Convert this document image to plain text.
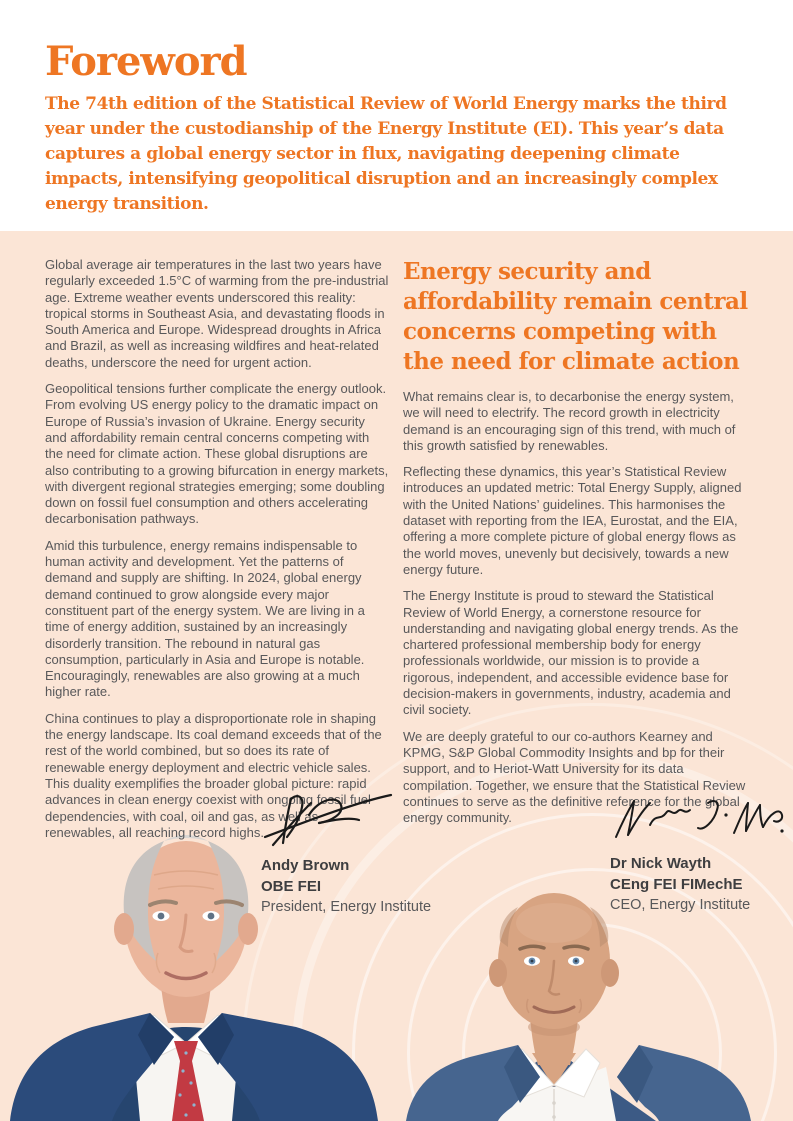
Foreword

The 74th edition of the Statistical Review of World Energy marks the third year under the custodianship of the Energy Institute (EI). This year’s data captures a global energy sector in flux, navigating deepening climate impacts, intensifying geopolitical disruption and an increasingly complex energy transition.

Global average air temperatures in the last two years have regularly exceeded 1.5°C of warming from the pre-industrial age. Extreme weather events underscored this reality: tropical storms in Southeast Asia, and devastating floods in South America and Europe. Widespread droughts in Africa and Brazil, as well as increasing wildfires and heat-related deaths, underscore the need for urgent action.

Geopolitical tensions further complicate the energy outlook. From evolving US energy policy to the dramatic impact on Europe of Russia’s invasion of Ukraine. Energy security and affordability remain central concerns competing with the need for climate action. These global disruptions are also contributing to a growing bifurcation in energy markets, with divergent regional strategies emerging; some doubling down on fossil fuel consumption and others accelerating decarbonisation pathways.

Amid this turbulence, energy remains indispensable to human activity and development. Yet the patterns of demand and supply are shifting. In 2024, global energy demand continued to grow alongside every major constituent part of the energy system. We are living in a time of energy addition, sustained by an increasingly disorderly transition. The rebound in natural gas consumption, particularly in Asia and Europe is notable. Encouragingly, renewables are also growing at a much higher rate.

China continues to play a disproportionate role in shaping the energy landscape. Its coal demand exceeds that of the rest of the world combined, but so does its rate of renewable energy deployment and electric vehicle sales. This duality exemplifies the broader global picture: rapid advances in clean energy coexist with ongoing fossil fuel dependencies, with coal, oil and gas, as well as renewables, all reaching record highs.

Energy security and affordability remain central concerns competing with the need for climate action

What remains clear is, to decarbonise the energy system, we will need to electrify. The record growth in electricity demand is an encouraging sign of this trend, with much of this growth satisfied by renewables.

Reflecting these dynamics, this year’s Statistical Review introduces an updated metric: Total Energy Supply, aligned with the United Nations’ guidelines. This harmonises the dataset with reporting from the IEA, Eurostat, and the EIA, offering a more complete picture of global energy flows as the world moves, unevenly but decisively, towards a new energy future.

The Energy Institute is proud to steward the Statistical Review of World Energy, a cornerstone resource for understanding and navigating global energy trends. As the chartered professional membership body for energy professionals worldwide, our mission is to provide a rigorous, independent, and accessible evidence base for decision-makers in governments, industry, academia and civil society.

We are deeply grateful to our co-authors Kearney and KPMG, S&P Global Commodity Insights and bp for their support, and to Heriot-Watt University for its data compilation. Together, we ensure that the Statistical Review continues to serve as the definitive reference for the global energy community.

Andy Brown
OBE FEI
President, Energy Institute
Dr Nick Wayth
CEng FEI FIMechE
CEO, Energy Institute
